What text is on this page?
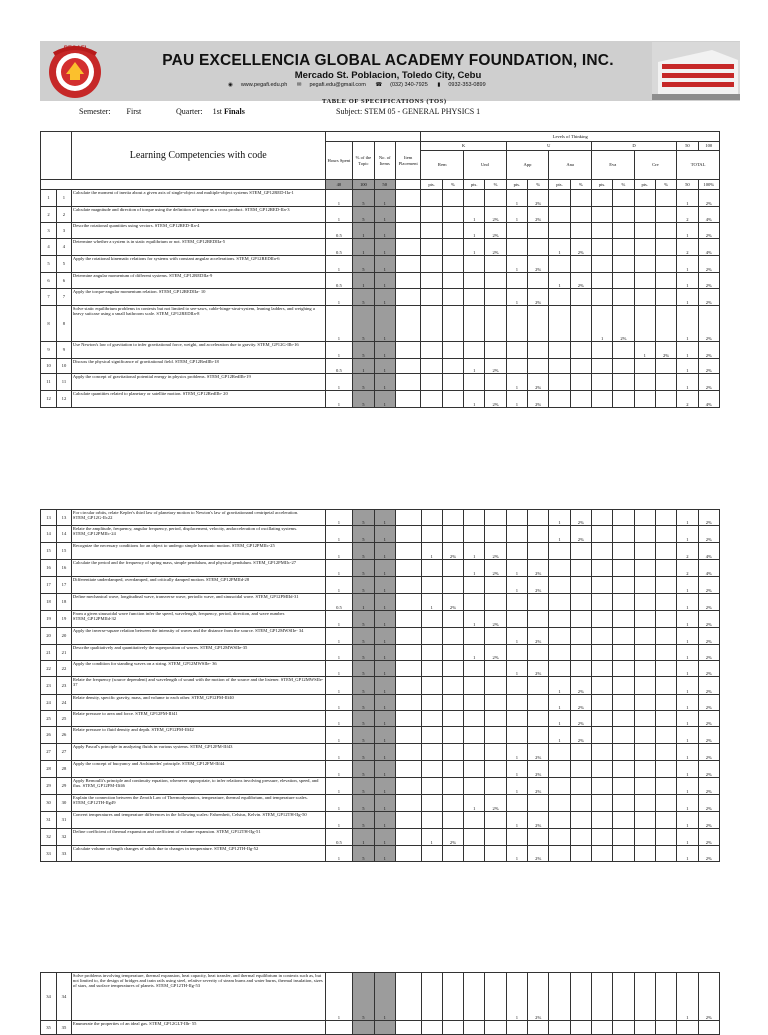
PEGAFI
PAU EXCELLENCIA GLOBAL ACADEMY FOUNDATION, INC.
Mercado St. Poblacion, Toledo City, Cebu
◉ www.pegafi.edu.ph ✉ pegafi.edu@gmail.com ☎ (032) 340-7925 ▮ 0932-353-0899
TABLE OF SPECIFICATIONS (TOS)
Semester: First	Quarter: 1st Finals	Subject: STEM 05 - GENERAL PHYSICS 1
		Learning Competencies with code					Levels of Thinking													
			Hours Spent	% of the Topic	No. of Items	Item Placement	K				U				D				50	100
							Rem		Und		App		Ana		Eva		Cre		TOTAL	
			40	100	50		pts.	%	pts.	%	pts.	%	pts.	%	pts.	%	pts.	%	50	100%
1	1	Calculate the moment of inertia about a given axis of single-object and multiple-object systems STEM_GP12RED-IIa-1	1	5	1						1	2%							1	2%
2	2	Calculate magnitude and direction of torque using the definition of torque as a cross product. STEM_GP12RED-IIa-3	1	5	1				1	2%	1	2%							2	4%
3	3	Describe rotational quantities using vectors. STEM_GP12RED-IIa-4	0.5	1	1				1	2%									1	2%
4	4	Determine whether a system is in static equilibrium or not. STEM_GP12REDIIa-5	0.5	1	1				1	2%			1	2%					2	4%
5	5	Apply the rotational kinematic relations for systems with constant angular accelerations. STEM_GP12REDIIa-6	1	5	1						1	2%							1	2%
6	6	Determine angular momentum of different systems. STEM_GP12REDIIa-9	0.5	1	1								1	2%					1	2%
7	7	Apply the torque-angular momentum relation. STEM_GP12REDIIa- 10	1	5	1						1	2%							1	2%
8	8	Solve static equilibrium problems in contexts but not limited to see-saws, cable-hinge-strut-system, leaning ladders, and weighing a heavy suitcase using a small bathroom scale. STEM_GP12REDIIa-8	1	5	1										1	2%			1	2%
9	9	Use Newton's law of gravitation to infer gravitational force, weight, and acceleration due to gravity. STEM_GP12G-IIb-16	1	5	1												1	2%	1	2%
10	10	Discuss the physical significance of gravitational field. STEM_GP12RedIIb-18	0.5	1	1				1	2%									1	2%
11	11	Apply the concept of gravitational potential energy in physics problems. STEM_GP12RedIIb-19	1	5	1						1	2%							1	2%
12	12	Calculate quantities related to planetary or satellite motion. STEM_GP12RedIIb- 20	1	5	1				1	2%	1	2%							2	4%
13	13	For circular orbits, relate Kepler's third law of planetary motion to Newton's law of gravitationand centripetal acceleration. STEM_GP12G-IIc22	1	5	1								1	2%					1	2%
14	14	Relate the amplitude, frequency, angular frequency, period, displacement, velocity, andacceleration of oscillating systems. STEM_GP12PMIIc-24	1	5	1								1	2%					1	2%
15	15	Recognize the necessary conditions for an object to undergo simple harmonic motion. STEM_GP12PMIIc-25	1	5	1		1	2%	1	2%									2	4%
16	16	Calculate the period and the frequency of spring mass, simple pendulum, and physical pendulum. STEM_GP12PMIIc-27	1	5	1				1	2%	1	2%							2	4%
17	17	Differentiate underdamped, overdamped, and critically damped motion. STEM_GP12PMIId-28	1	5	1						1	2%							1	2%
18	18	Define mechanical wave, longitudinal wave, transverse wave, periodic wave, and sinusoidal wave. STEM_GP12PMIId-31	0.5	1	1		1	2%											1	2%
19	19	From a given sinusoidal wave function infer the speed, wavelength, frequency, period, direction, and wave number. STEM_GP12PMIId-32	1	5	1				1	2%									1	2%
20	20	Apply the inverse-square relation between the intensity of waves and the distance from the source. STEM_GP12MWSIIe- 34	1	5	1						1	2%							1	2%
21	21	Describe qualitatively and quantitatively the superposition of waves. STEM_GP12MWSIIe-35	1	5	1				1	2%									1	2%
22	22	Apply the condition for standing waves on a string. STEM_GP12MWSIIe- 36	1	5	1						1	2%							1	2%
23	23	Relate the frequency (source dependent) and wavelength of sound with the motion of the source and the listener. STEM_GP12MWSIIe- 37	1	5	1								1	2%					1	2%
24	24	Relate density, specific gravity, mass, and volume to each other. STEM_GP12FM-IIf40	1	5	1								1	2%					1	2%
25	25	Relate pressure to area and force. STEM_GP12FM-IIf41	1	5	1								1	2%					1	2%
26	26	Relate pressure to fluid density and depth. STEM_GP12FM-IIf42	1	5	1								1	2%					1	2%
27	27	Apply Pascal's principle in analyzing fluids in various systems. STEM_GP12FM-IIf43	1	5	1						1	2%							1	2%
28	28	Apply the concept of buoyancy and Archimedes' principle. STEM_GP12FM-IIf44	1	5	1						1	2%							1	2%
29	29	Apply Bernoulli's principle and continuity equation, whenever appropriate, to infer relations involving pressure, elevation, speed, and flux. STEM_GP12FM-IIf46	1	5	1						1	2%							1	2%
30	30	Explain the connection between the Zeroth Law of Thermodynamics, temperature, thermal equilibrium, and temperature scales. STEM_GP12TH-IIg49	1	5	1				1	2%									1	2%
31	31	Convert temperatures and temperature differences in the following scales: Fahrenheit, Celsius, Kelvin. STEM_GP12TH-IIg-50	1	5	1						1	2%							1	2%
32	32	Define coefficient of thermal expansion and coefficient of volume expansion. STEM_GP12TH-IIg-51	0.5	1	1		1	2%											1	2%
33	33	Calculate volume or length changes of solids due to changes in temperature. STEM_GP12TH-IIg-52	1	5	1						1	2%							1	2%
34	34	Solve problems involving temperature, thermal expansion, heat capacity, heat transfer, and thermal equilibrium in contexts such as, but not limited to, the design of bridges and train rails using steel, relative severity of steam burns and water burns, thermal insulation, sizes of stars, and surface temperatures of planets. STEM_GP12TH-IIg-53	1	5	1						1	2%							1	2%
35	35	Enumerate the properties of an ideal gas. STEM_GP12GLT-IIh- 55																		
